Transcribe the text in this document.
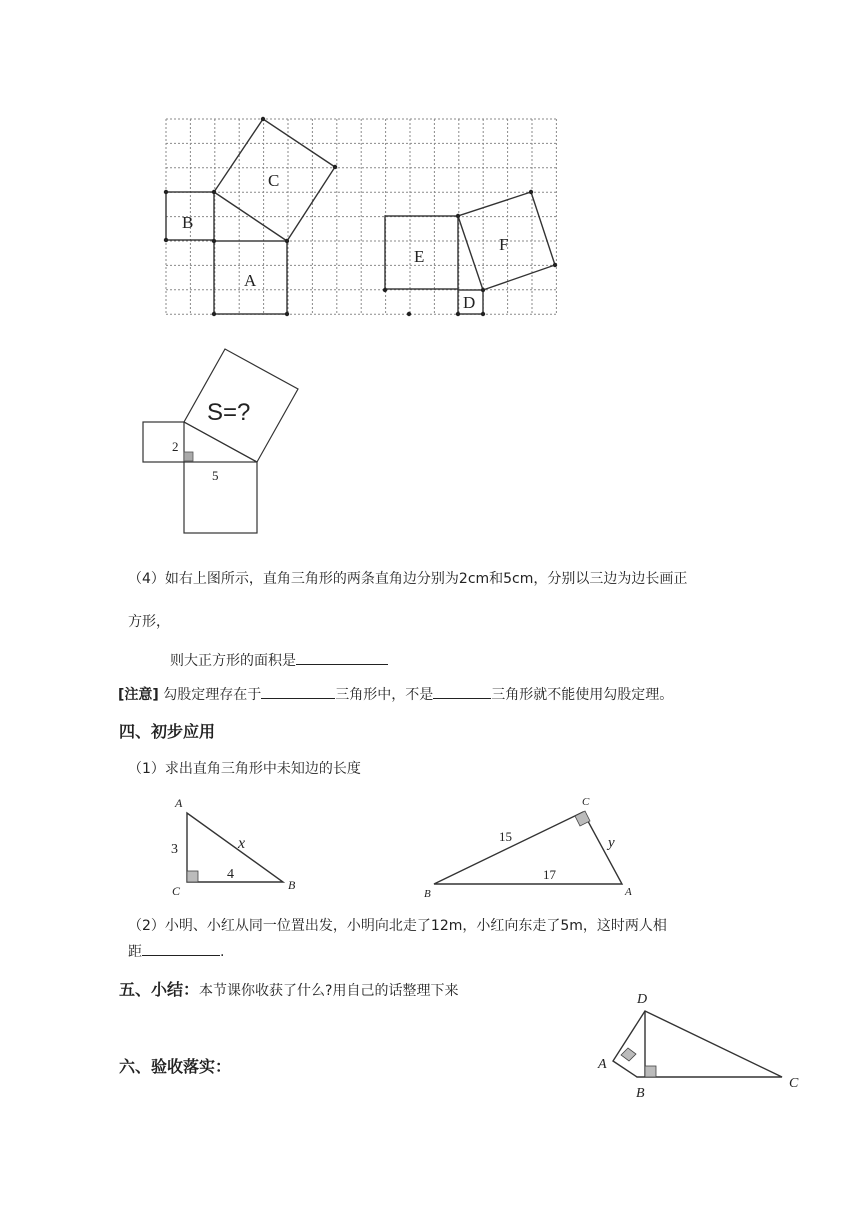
A
B
C
D
E
F
S=?
2
5
（4）如右上图所示，直角三角形的两条直角边分别为2cm和5cm，分别以三边为边长画正
方形，
则大正方形的面积是
[注意] 勾股定理存在于	三角形中，不是	三角形就不能使用勾股定理。
四、初步应用
（1）求出直角三角形中未知边的长度
A
C	B
3
4
x
C
B	A
15
17
y
（2）小明、小红从同一位置出发，小明向北走了12m，小红向东走了5m，这时两人相
距	.
五、小结：本节课你收获了什么?用自己的话整理下来
六、验收落实：
D
A
B
C
